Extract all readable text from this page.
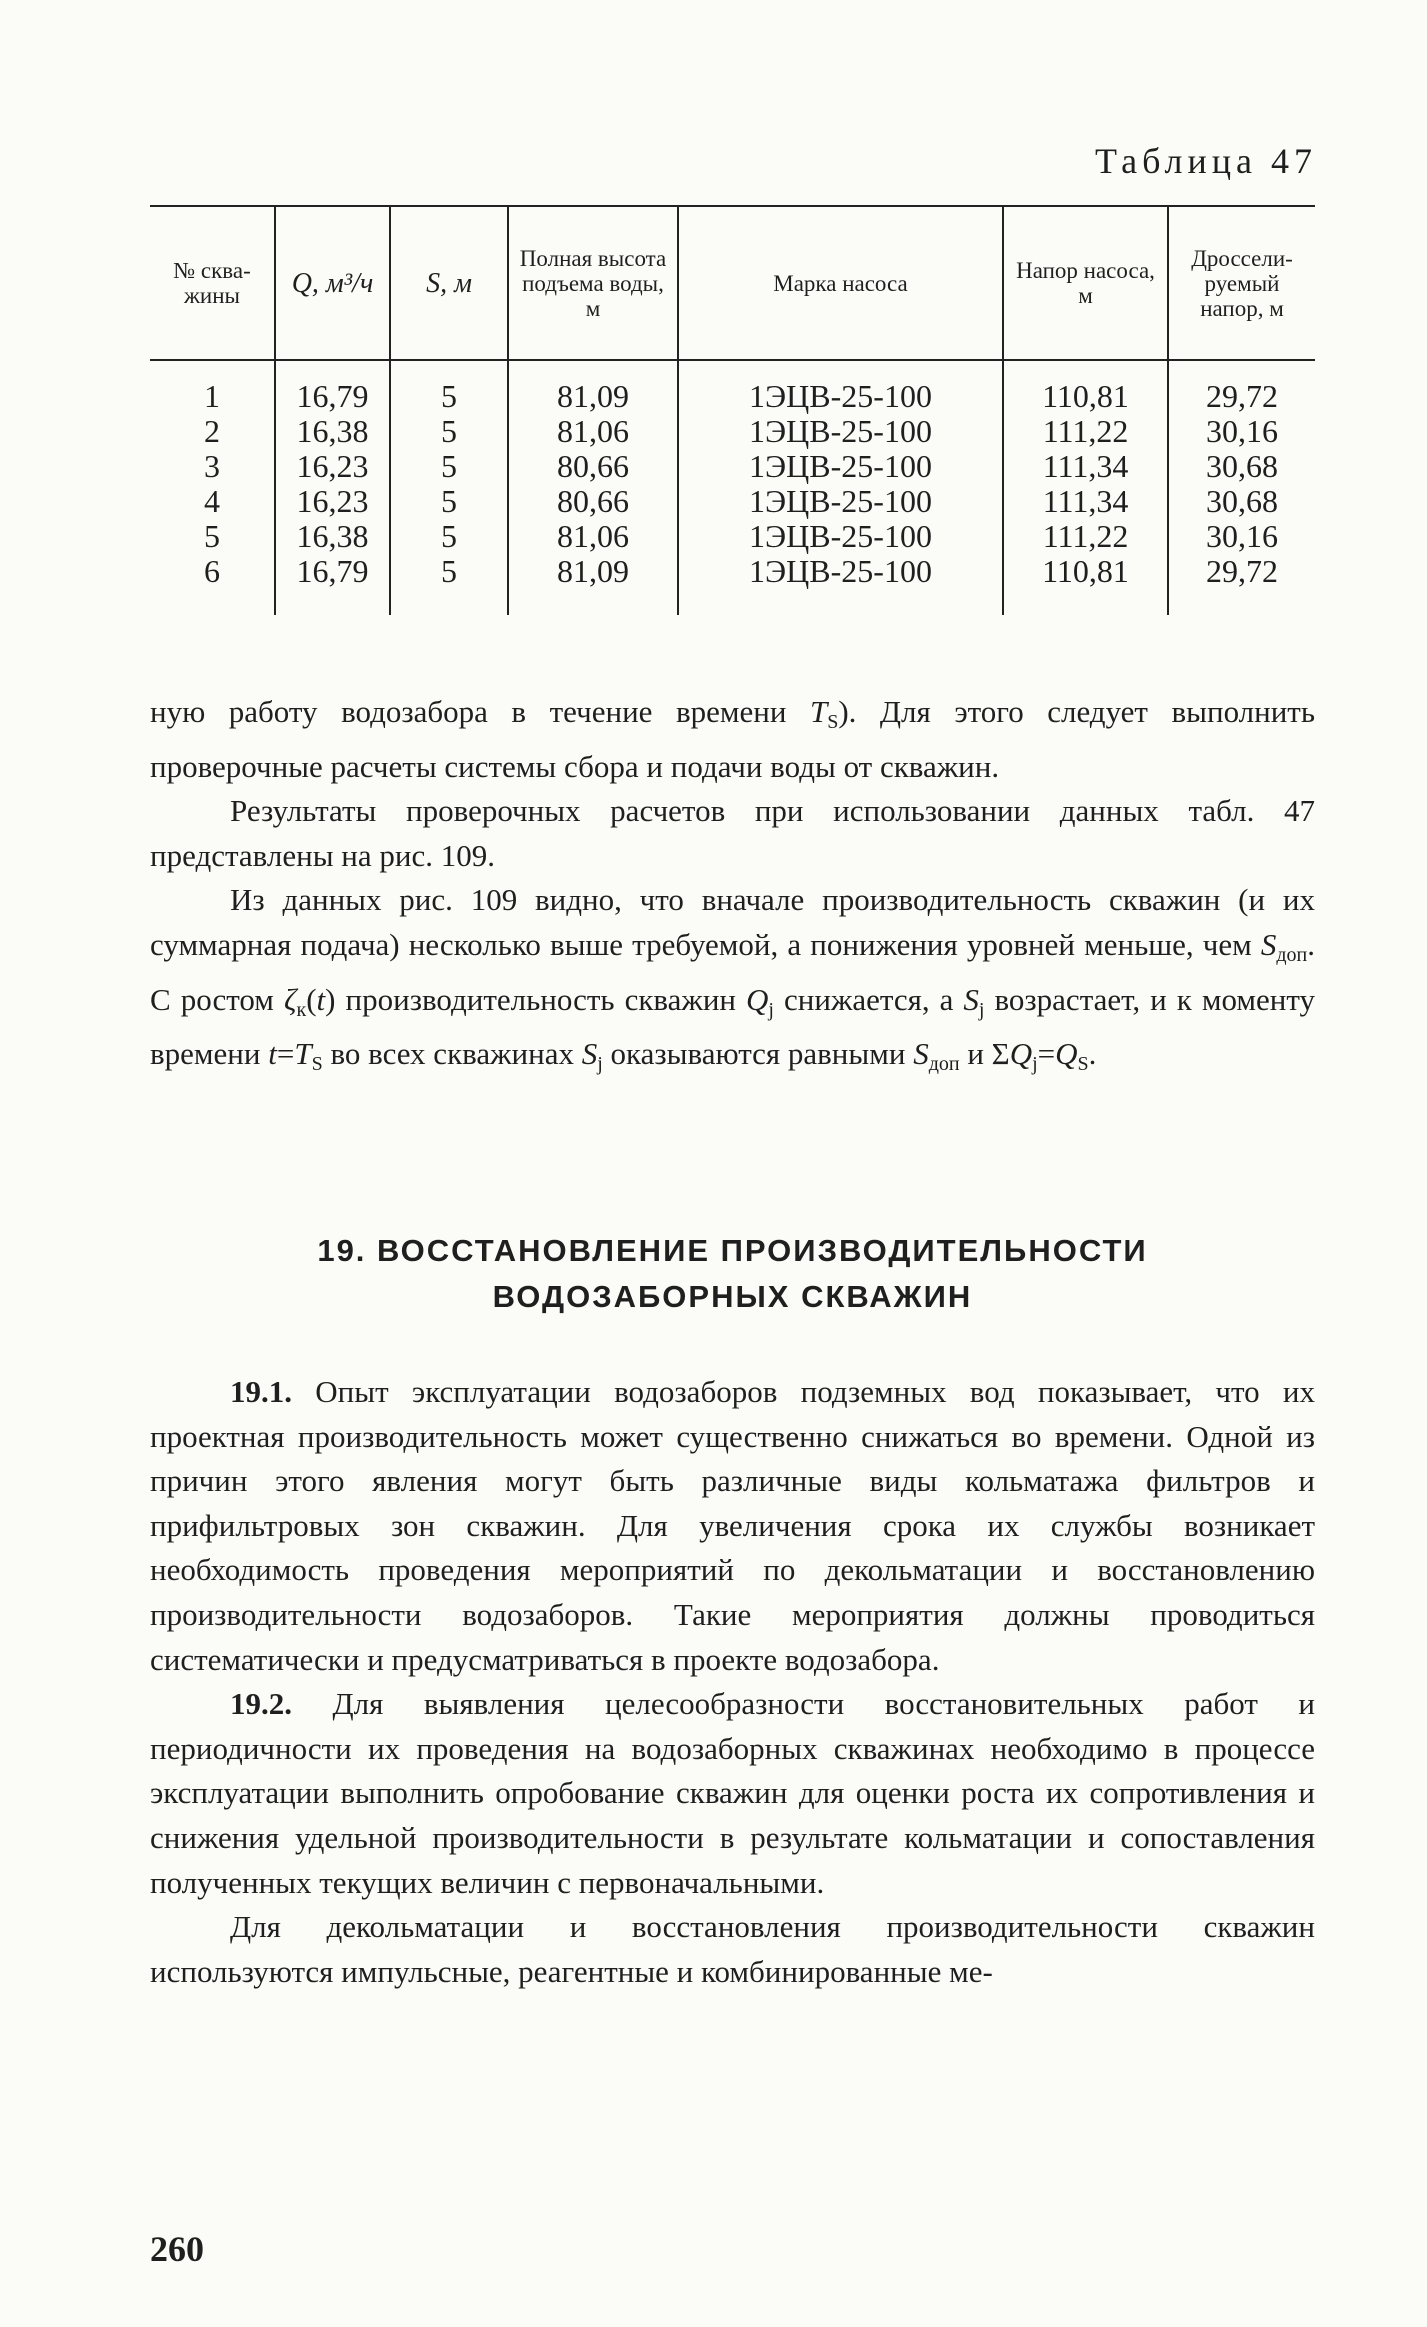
Таблица 47
№ сква- жины	Q, м³/ч	S, м	Полная высота подъема воды, м	Марка насоса	Напор насоса, м	Дроссели- руемый напор, м
1	16,79	5	81,09	1ЭЦВ-25-100	110,81	29,72
2	16,38	5	81,06	1ЭЦВ-25-100	111,22	30,16
3	16,23	5	80,66	1ЭЦВ-25-100	111,34	30,68
4	16,23	5	80,66	1ЭЦВ-25-100	111,34	30,68
5	16,38	5	81,06	1ЭЦВ-25-100	111,22	30,16
6	16,79	5	81,09	1ЭЦВ-25-100	110,81	29,72

ную работу водозабора в течение времени $T_S$). Для этого следует выполнить проверочные расчеты системы сбора и подачи воды от скважин.

Результаты проверочных расчетов при использовании данных табл. 47 представлены на рис. 109.

Из данных рис. 109 видно, что вначале производительность скважин (и их суммарная подача) несколько выше требуемой, а понижения уровней меньше, чем $S_{доп}$. С ростом $\zeta_к(t)$ производительность скважин $Q_j$ снижается, а $S_j$ возрастает, и к моменту времени $t=T_S$ во всех скважинах $S_j$ оказываются равными $S_{доп}$ и $\Sigma Q_j=Q_S$.

19. ВОССТАНОВЛЕНИЕ ПРОИЗВОДИТЕЛЬНОСТИ
ВОДОЗАБОРНЫХ СКВАЖИН

19.1. Опыт эксплуатации водозаборов подземных вод показывает, что их проектная производительность может существенно снижаться во времени. Одной из причин этого явления могут быть различные виды кольматажа фильтров и прифильтровых зон скважин. Для увеличения срока их службы возникает необходимость проведения мероприятий по декольматации и восстановлению производительности водозаборов. Такие мероприятия должны проводиться систематически и предусматриваться в проекте водозабора.

19.2. Для выявления целесообразности восстановительных работ и периодичности их проведения на водозаборных скважинах необходимо в процессе эксплуатации выполнить опробование скважин для оценки роста их сопротивления и снижения удельной производительности в результате кольматации и сопоставления полученных текущих величин с первоначальными.

Для декольматации и восстановления производительности скважин используются импульсные, реагентные и комбинированные ме-

260
